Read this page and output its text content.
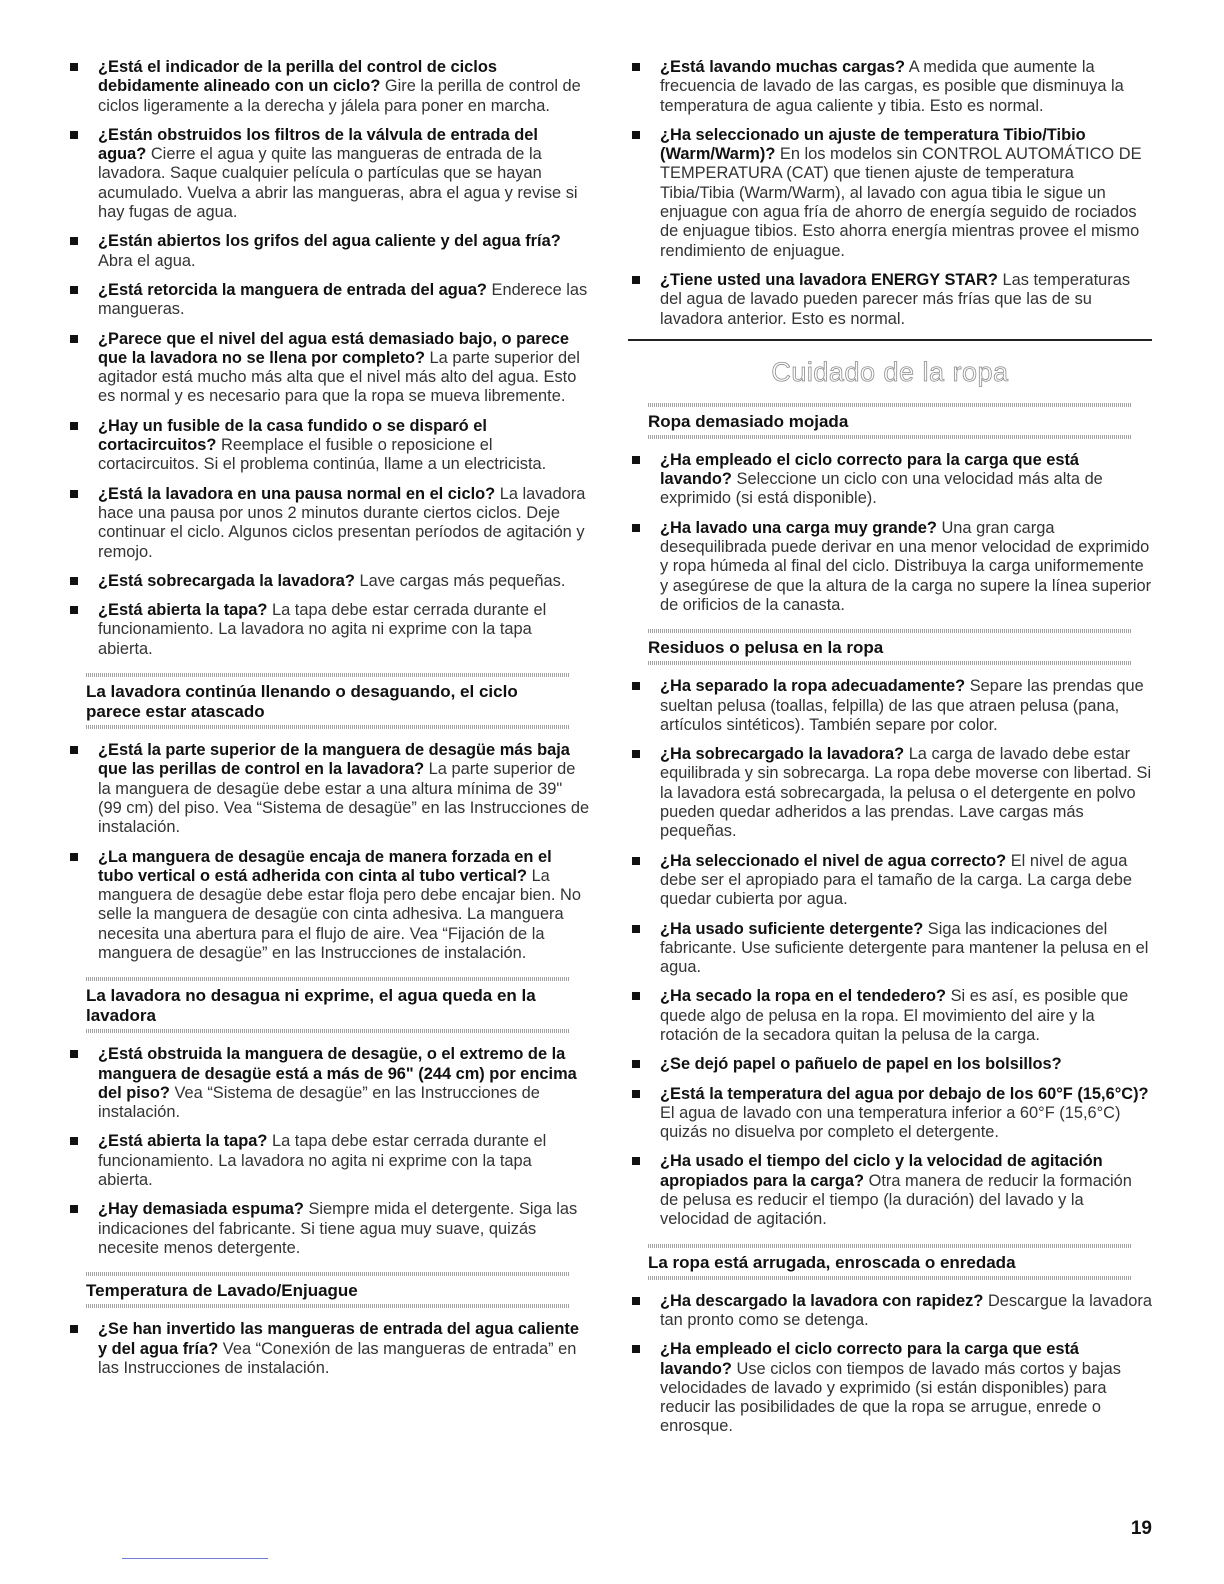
¿Está el indicador de la perilla del control de ciclos debidamente alineado con un ciclo? Gire la perilla de control de ciclos ligeramente a la derecha y jálela para poner en marcha.
¿Están obstruidos los filtros de la válvula de entrada del agua? Cierre el agua y quite las mangueras de entrada de la lavadora. Saque cualquier película o partículas que se hayan acumulado. Vuelva a abrir las mangueras, abra el agua y revise si hay fugas de agua.
¿Están abiertos los grifos del agua caliente y del agua fría? Abra el agua.
¿Está retorcida la manguera de entrada del agua? Enderece las mangueras.
¿Parece que el nivel del agua está demasiado bajo, o parece que la lavadora no se llena por completo? La parte superior del agitador está mucho más alta que el nivel más alto del agua. Esto es normal y es necesario para que la ropa se mueva libremente.
¿Hay un fusible de la casa fundido o se disparó el cortacircuitos? Reemplace el fusible o reposicione el cortacircuitos. Si el problema continúa, llame a un electricista.
¿Está la lavadora en una pausa normal en el ciclo? La lavadora hace una pausa por unos 2 minutos durante ciertos ciclos. Deje continuar el ciclo. Algunos ciclos presentan períodos de agitación y remojo.
¿Está sobrecargada la lavadora? Lave cargas más pequeñas.
¿Está abierta la tapa? La tapa debe estar cerrada durante el funcionamiento. La lavadora no agita ni exprime con la tapa abierta.
La lavadora continúa llenando o desaguando, el ciclo parece estar atascado
¿Está la parte superior de la manguera de desagüe más baja que las perillas de control en la lavadora? La parte superior de la manguera de desagüe debe estar a una altura mínima de 39" (99 cm) del piso. Vea “Sistema de desagüe” en las Instrucciones de instalación.
¿La manguera de desagüe encaja de manera forzada en el tubo vertical o está adherida con cinta al tubo vertical? La manguera de desagüe debe estar floja pero debe encajar bien. No selle la manguera de desagüe con cinta adhesiva. La manguera necesita una abertura para el flujo de aire. Vea “Fijación de la manguera de desagüe” en las Instrucciones de instalación.
La lavadora no desagua ni exprime, el agua queda en la lavadora
¿Está obstruida la manguera de desagüe, o el extremo de la manguera de desagüe está a más de 96" (244 cm) por encima del piso? Vea “Sistema de desagüe” en las Instrucciones de instalación.
¿Está abierta la tapa? La tapa debe estar cerrada durante el funcionamiento. La lavadora no agita ni exprime con la tapa abierta.
¿Hay demasiada espuma? Siempre mida el detergente. Siga las indicaciones del fabricante. Si tiene agua muy suave, quizás necesite menos detergente.
Temperatura de Lavado/Enjuague
¿Se han invertido las mangueras de entrada del agua caliente y del agua fría? Vea “Conexión de las mangueras de entrada” en las Instrucciones de instalación.
¿Está lavando muchas cargas? A medida que aumente la frecuencia de lavado de las cargas, es posible que disminuya la temperatura de agua caliente y tibia. Esto es normal.
¿Ha seleccionado un ajuste de temperatura Tibio/Tibio (Warm/Warm)? En los modelos sin CONTROL AUTOMÁTICO DE TEMPERATURA (CAT) que tienen ajuste de temperatura Tibia/Tibia (Warm/Warm), al lavado con agua tibia le sigue un enjuague con agua fría de ahorro de energía seguido de rociados de enjuague tibios. Esto ahorra energía mientras provee el mismo rendimiento de enjuague.
¿Tiene usted una lavadora ENERGY STAR? Las temperaturas del agua de lavado pueden parecer más frías que las de su lavadora anterior. Esto es normal.
Cuidado de la ropa
Ropa demasiado mojada
¿Ha empleado el ciclo correcto para la carga que está lavando? Seleccione un ciclo con una velocidad más alta de exprimido (si está disponible).
¿Ha lavado una carga muy grande? Una gran carga desequilibrada puede derivar en una menor velocidad de exprimido y ropa húmeda al final del ciclo. Distribuya la carga uniformemente y asegúrese de que la altura de la carga no supere la línea superior de orificios de la canasta.
Residuos o pelusa en la ropa
¿Ha separado la ropa adecuadamente? Separe las prendas que sueltan pelusa (toallas, felpilla) de las que atraen pelusa (pana, artículos sintéticos). También separe por color.
¿Ha sobrecargado la lavadora? La carga de lavado debe estar equilibrada y sin sobrecarga. La ropa debe moverse con libertad. Si la lavadora está sobrecargada, la pelusa o el detergente en polvo pueden quedar adheridos a las prendas. Lave cargas más pequeñas.
¿Ha seleccionado el nivel de agua correcto? El nivel de agua debe ser el apropiado para el tamaño de la carga. La carga debe quedar cubierta por agua.
¿Ha usado suficiente detergente? Siga las indicaciones del fabricante. Use suficiente detergente para mantener la pelusa en el agua.
¿Ha secado la ropa en el tendedero? Si es así, es posible que quede algo de pelusa en la ropa. El movimiento del aire y la rotación de la secadora quitan la pelusa de la carga.
¿Se dejó papel o pañuelo de papel en los bolsillos?
¿Está la temperatura del agua por debajo de los 60°F (15,6°C)? El agua de lavado con una temperatura inferior a 60°F (15,6°C) quizás no disuelva por completo el detergente.
¿Ha usado el tiempo del ciclo y la velocidad de agitación apropiados para la carga? Otra manera de reducir la formación de pelusa es reducir el tiempo (la duración) del lavado y la velocidad de agitación.
La ropa está arrugada, enroscada o enredada
¿Ha descargado la lavadora con rapidez? Descargue la lavadora tan pronto como se detenga.
¿Ha empleado el ciclo correcto para la carga que está lavando? Use ciclos con tiempos de lavado más cortos y bajas velocidades de lavado y exprimido (si están disponibles) para reducir las posibilidades de que la ropa se arrugue, enrede o enrosque.
19
